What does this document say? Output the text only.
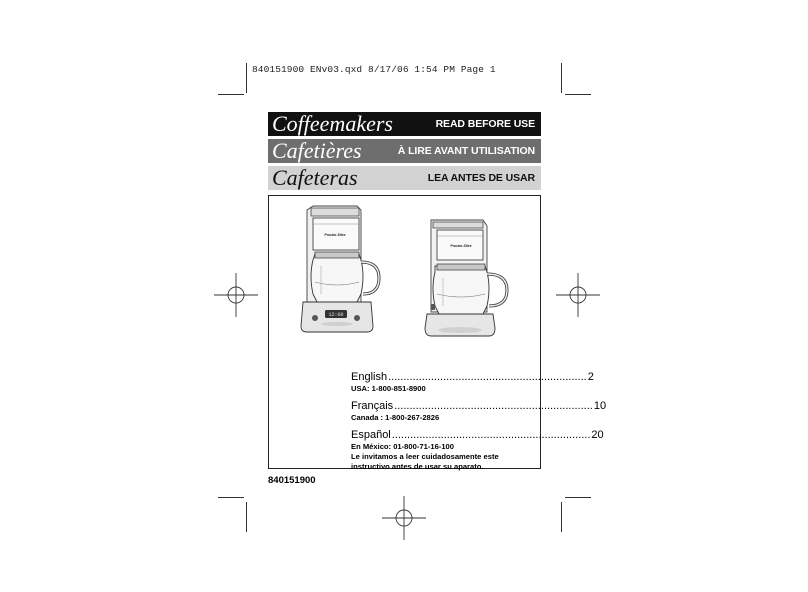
840151900 ENv03.qxd 8/17/06 1:54 PM Page 1
Coffeemakers	READ BEFORE USE
Cafetières	À LIRE AVANT UTILISATION
Cafeteras	LEA ANTES DE USAR
Proctor-Silex
12:00
Proctor-Silex
English ................................................................. 2
USA: 1-800-851-8900
Français ................................................................. 10
Canada : 1-800-267-2826
Español ................................................................. 20
En México: 01-800-71-16-100
Le invitamos a leer cuidadosamente este
instructivo antes de usar su aparato.
840151900
